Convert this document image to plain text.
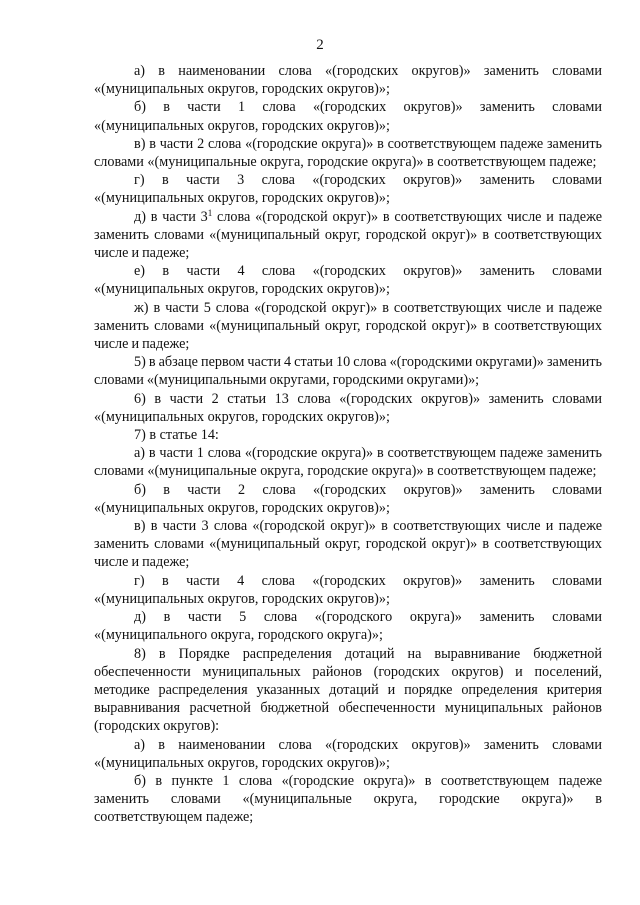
2

а) в наименовании слова «(городских округов)» заменить словами «(муниципальных округов, городских округов)»;

б) в части 1 слова «(городских округов)» заменить словами «(муниципальных округов, городских округов)»;

в) в части 2 слова «(городские округа)» в соответствующем падеже заменить словами «(муниципальные округа, городские округа)» в соответствующем падеже;

г) в части 3 слова «(городских округов)» заменить словами «(муниципальных округов, городских округов)»;

д) в части $3^1$ слова «(городской округ)» в соответствующих числе и падеже заменить словами «(муниципальный округ, городской округ)» в соответствующих числе и падеже;

е) в части 4 слова «(городских округов)» заменить словами «(муниципальных округов, городских округов)»;

ж) в части 5 слова «(городской округ)» в соответствующих числе и падеже заменить словами «(муниципальный округ, городской округ)» в соответствующих числе и падеже;

5) в абзаце первом части 4 статьи 10 слова «(городскими округами)» заменить словами «(муниципальными округами, городскими округами)»;

6) в части 2 статьи 13 слова «(городских округов)» заменить словами «(муниципальных округов, городских округов)»;

7) в статье 14:

а) в части 1 слова «(городские округа)» в соответствующем падеже заменить словами «(муниципальные округа, городские округа)» в соответствующем падеже;

б) в части 2 слова «(городских округов)» заменить словами «(муниципальных округов, городских округов)»;

в) в части 3 слова «(городской округ)» в соответствующих числе и падеже заменить словами «(муниципальный округ, городской округ)» в соответствующих числе и падеже;

г) в части 4 слова «(городских округов)» заменить словами «(муниципальных округов, городских округов)»;

д) в части 5 слова «(городского округа)» заменить словами «(муниципального округа, городского округа)»;

8) в Порядке распределения дотаций на выравнивание бюджетной обеспеченности муниципальных районов (городских округов) и поселений, методике распределения указанных дотаций и порядке определения критерия выравнивания расчетной бюджетной обеспеченности муниципальных районов (городских округов):

а) в наименовании слова «(городских округов)» заменить словами «(муниципальных округов, городских округов)»;

б) в пункте 1 слова «(городские округа)» в соответствующем падеже заменить словами «(муниципальные округа, городские округа)» в соответствующем падеже;
